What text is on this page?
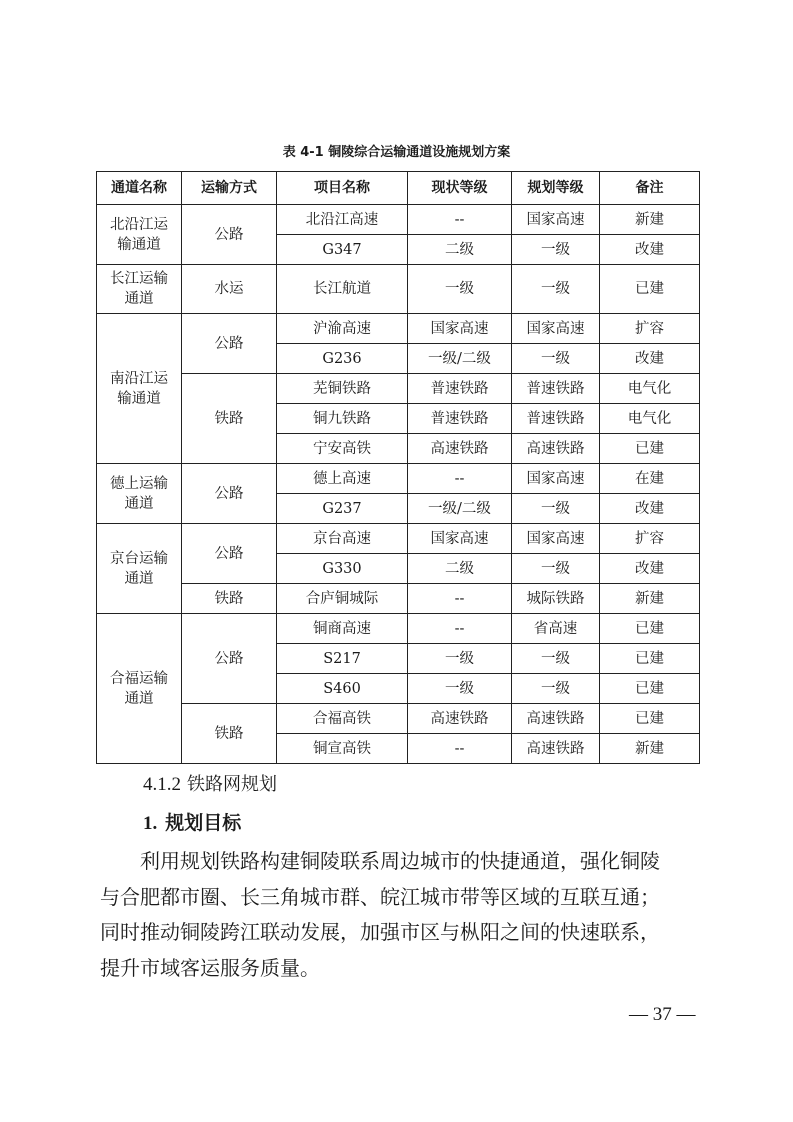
表 4-1 铜陵综合运输通道设施规划方案
通道名称	运输方式	项目名称	现状等级	规划等级	备注
北沿江运输通道	公路	北沿江高速	--	国家高速	新建
		G347	二级	一级	改建
长江运输通道	水运	长江航道	一级	一级	已建
南沿江运输通道	公路	沪渝高速	国家高速	国家高速	扩容
		G236	一级/二级	一级	改建
	铁路	芜铜铁路	普速铁路	普速铁路	电气化
		铜九铁路	普速铁路	普速铁路	电气化
		宁安高铁	高速铁路	高速铁路	已建
德上运输通道	公路	德上高速	--	国家高速	在建
		G237	一级/二级	一级	改建
京台运输通道	公路	京台高速	国家高速	国家高速	扩容
		G330	二级	一级	改建
	铁路	合庐铜城际	--	城际铁路	新建
合福运输通道	公路	铜商高速	--	省高速	已建
		S217	一级	一级	已建
		S460	一级	一级	已建
	铁路	合福高铁	高速铁路	高速铁路	已建
		铜宣高铁	--	高速铁路	新建
4.1.2 铁路网规划
1. 规划目标

利用规划铁路构建铜陵联系周边城市的快捷通道，强化铜陵
与合肥都市圈、长三角城市群、皖江城市带等区域的互联互通；
同时推动铜陵跨江联动发展，加强市区与枞阳之间的快速联系，
提升市域客运服务质量。

— 37 —
